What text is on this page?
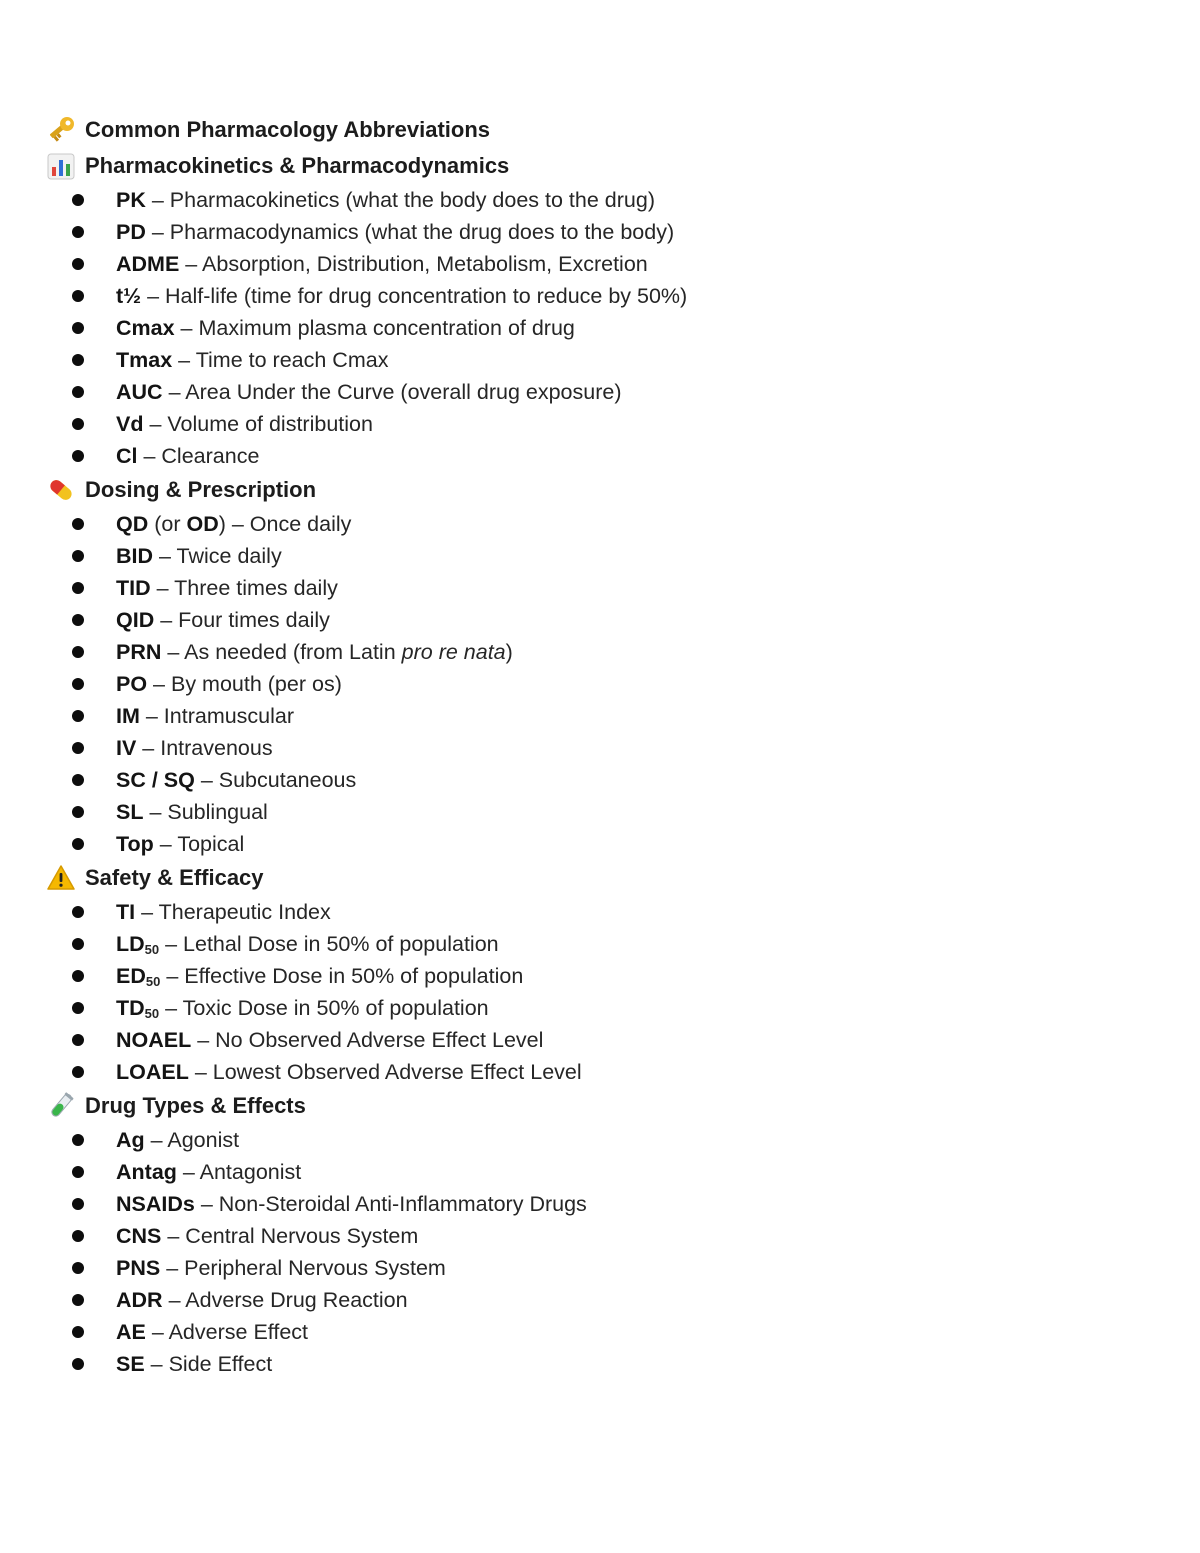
Common Pharmacology Abbreviations
Pharmacokinetics & Pharmacodynamics
PK – Pharmacokinetics (what the body does to the drug)
PD – Pharmacodynamics (what the drug does to the body)
ADME – Absorption, Distribution, Metabolism, Excretion
t½ – Half-life (time for drug concentration to reduce by 50%)
Cmax – Maximum plasma concentration of drug
Tmax – Time to reach Cmax
AUC – Area Under the Curve (overall drug exposure)
Vd – Volume of distribution
Cl – Clearance
Dosing & Prescription
QD (or OD) – Once daily
BID – Twice daily
TID – Three times daily
QID – Four times daily
PRN – As needed (from Latin pro re nata)
PO – By mouth (per os)
IM – Intramuscular
IV – Intravenous
SC / SQ – Subcutaneous
SL – Sublingual
Top – Topical
Safety & Efficacy
TI – Therapeutic Index
$LD_{50}$ – Lethal Dose in 50% of population
$ED_{50}$ – Effective Dose in 50% of population
$TD_{50}$ – Toxic Dose in 50% of population
NOAEL – No Observed Adverse Effect Level
LOAEL – Lowest Observed Adverse Effect Level
Drug Types & Effects
Ag – Agonist
Antag – Antagonist
NSAIDs – Non-Steroidal Anti-Inflammatory Drugs
CNS – Central Nervous System
PNS – Peripheral Nervous System
ADR – Adverse Drug Reaction
AE – Adverse Effect
SE – Side Effect
